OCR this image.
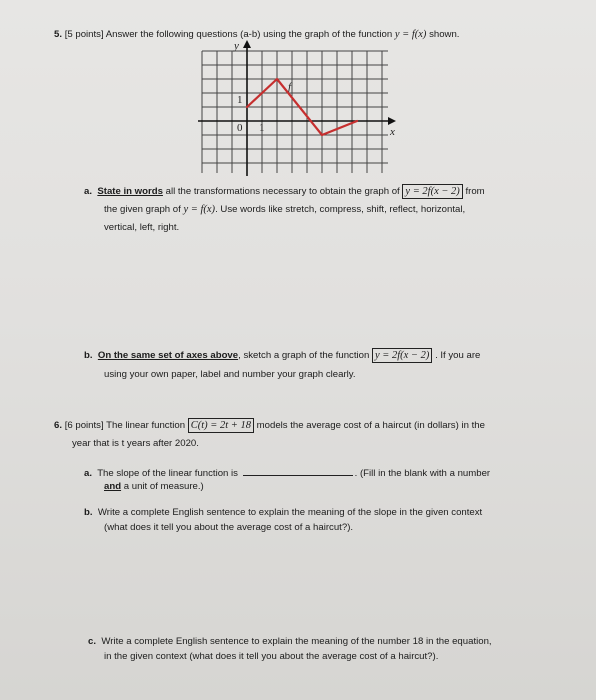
5. [5 points] Answer the following questions (a-b) using the graph of the function y = f(x) shown.
y
x
f
1
0 1
a. State in words all the transformations necessary to obtain the graph of y = 2f(x − 2) from
the given graph of y = f(x). Use words like stretch, compress, shift, reflect, horizontal,
vertical, left, right.
b. On the same set of axes above, sketch a graph of the function y = 2f(x − 2) . If you are
using your own paper, label and number your graph clearly.
6. [6 points] The linear function C(t) = 2t + 18 models the average cost of a haircut (in dollars) in the
year that is t years after 2020.
a. The slope of the linear function is	. (Fill in the blank with a number
and a unit of measure.)
b. Write a complete English sentence to explain the meaning of the slope in the given context
(what does it tell you about the average cost of a haircut?).
c. Write a complete English sentence to explain the meaning of the number 18 in the equation,
in the given context (what does it tell you about the average cost of a haircut?).
